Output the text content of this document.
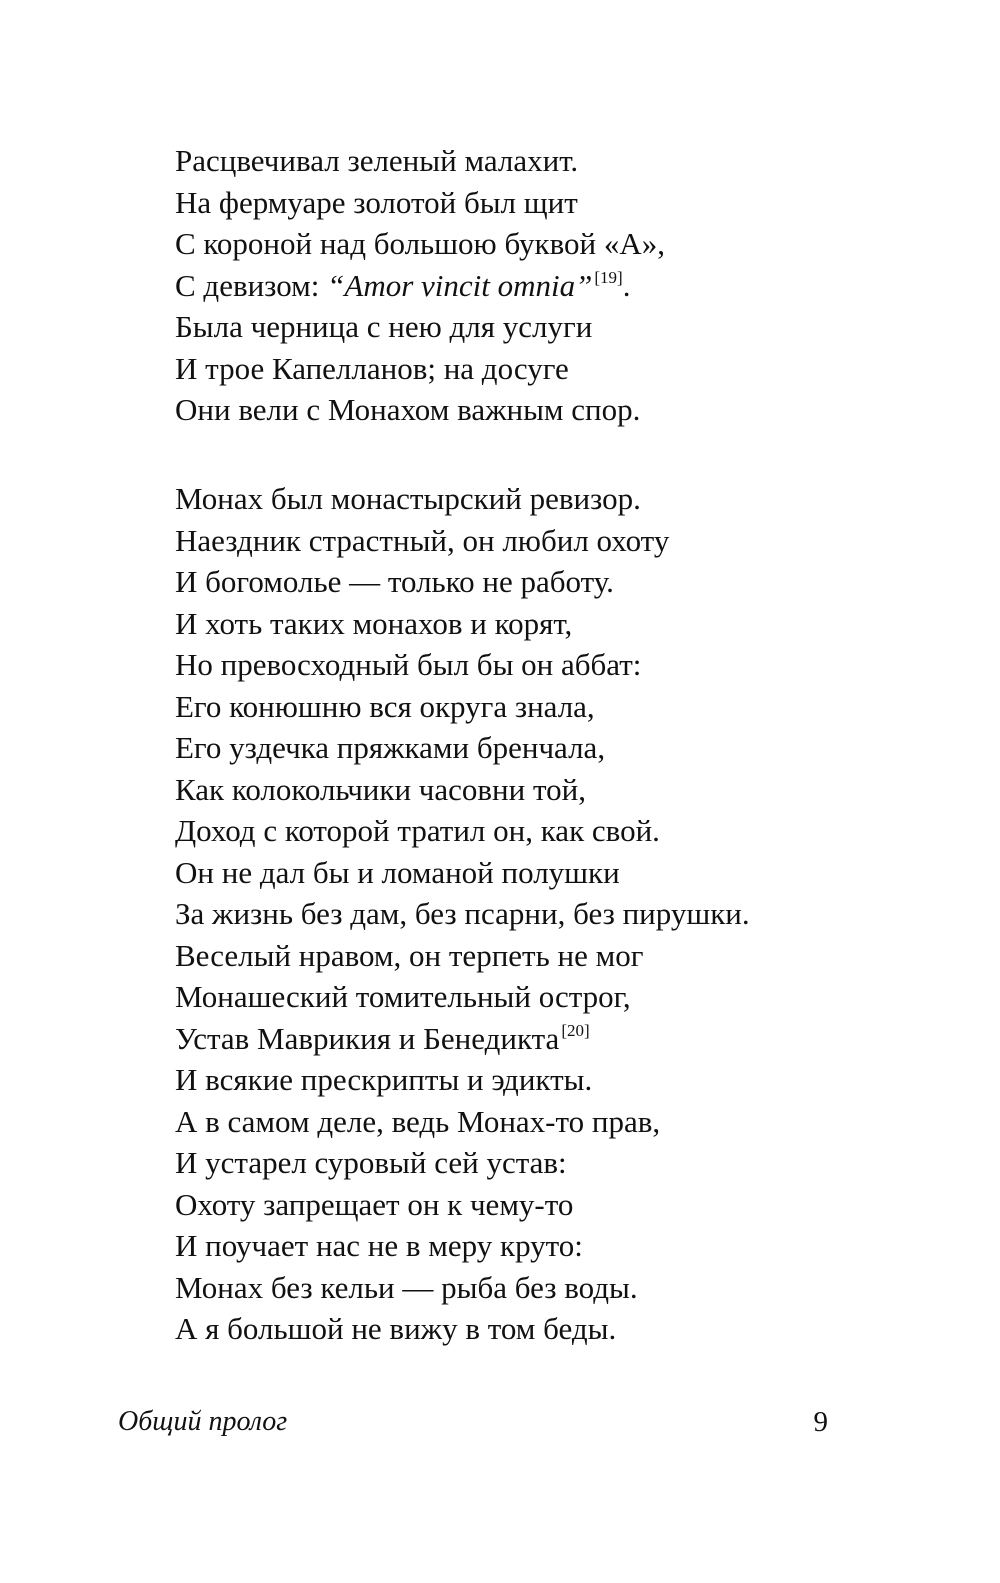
Расцвечивал зеленый малахит.
На фермуаре золотой был щит
С короной над большою буквой «А»,
С девизом: “Amor vincit omnia” [19].
Была черница с нею для услуги
И трое Капелланов; на досуге
Они вели с Монахом важным спор.
Монах был монастырский ревизор.
Наездник страстный, он любил охоту
И богомолье — только не работу.
И хоть таких монахов и корят,
Но превосходный был бы он аббат:
Его конюшню вся округа знала,
Его уздечка пряжками бренчала,
Как колокольчики часовни той,
Доход с которой тратил он, как свой.
Он не дал бы и ломаной полушки
За жизнь без дам, без псарни, без пирушки.
Веселый нравом, он терпеть не мог
Монашеский томительный острог,
Устав Маврикия и Бенедикта [20]
И всякие прескрипты и эдикты.
А в самом деле, ведь Монах-то прав,
И устарел суровый сей устав:
Охоту запрещает он к чему-то
И поучает нас не в меру круто:
Монах без кельи — рыба без воды.
А я большой не вижу в том беды.
Общий пролог	9
